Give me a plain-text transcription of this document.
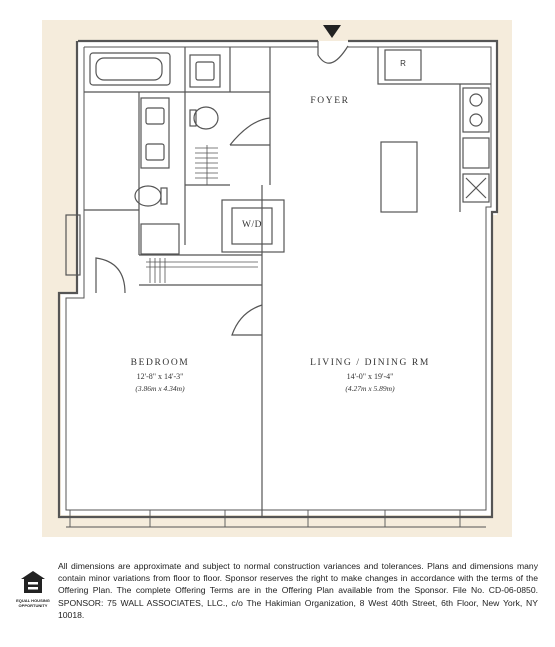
FOYER
R
W/D
BEDROOM
12'-8" x 14'-3"
(3.86m x 4.34m)
LIVING / DINING RM
14'-0" x 19'-4"
(4.27m x 5.89m)
EQUAL HOUSING
OPPORTUNITY
All dimensions are approximate and subject to normal construction variances and tolerances. Plans and dimensions many contain minor variations from floor to floor. Sponsor reserves the right to make changes in accordance with the terms of the Offering Plan. The complete Offering Terms are in the Offering Plan available from the Sponsor. File No. CD-06-0850. SPONSOR: 75 WALL ASSOCIATES, LLC., c/o The Hakimian Organization, 8 West 40th Street, 6th Floor, New York, NY 10018.
